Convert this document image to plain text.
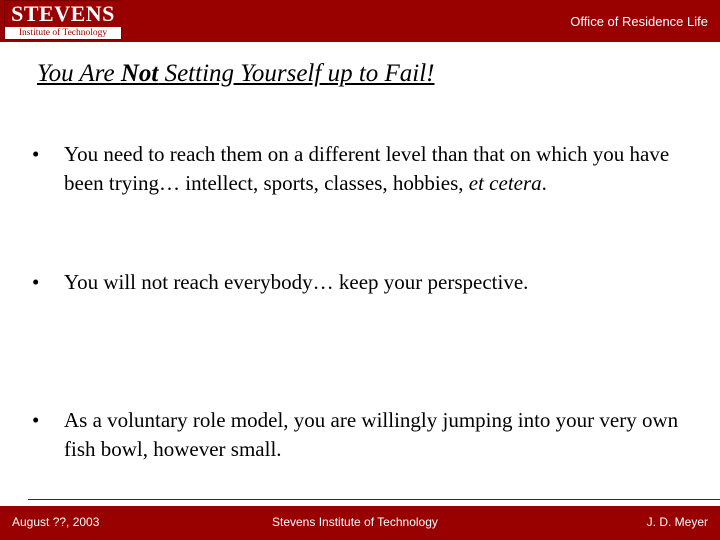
STEVENS
Institute of Technology
Office of Residence Life
You Are Not Setting Yourself up to Fail!
•	You need to reach them on a different level than that on which you have been trying… intellect, sports, classes, hobbies, et cetera.
•	You will not reach everybody… keep your perspective.
•	As a voluntary role model, you are willingly jumping into your very own fish bowl, however small.
August ??, 2003	Stevens Institute of Technology	J. D. Meyer
